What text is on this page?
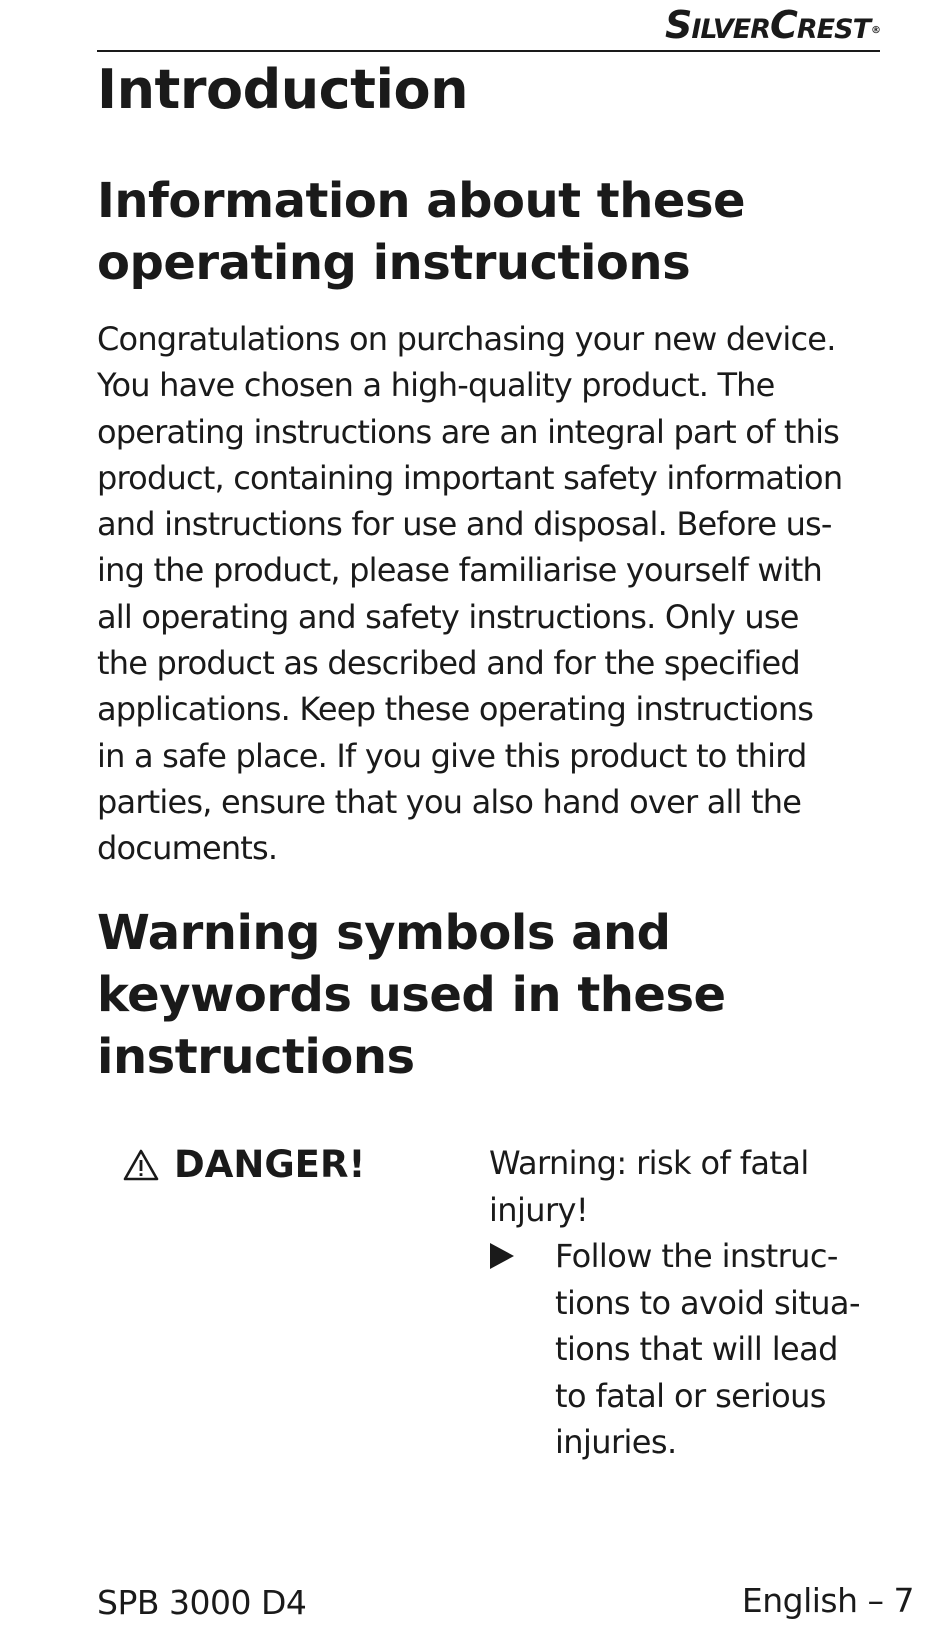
SilverCrest®
Introduction
Information about these
operating instructions

Congratulations on purchasing your new device.
You have chosen a high-quality product. The
operating instructions are an integral part of this
product, containing important safety information
and instructions for use and disposal. Before us-
ing the product, please familiarise yourself with
all operating and safety instructions. Only use
the product as described and for the specified
applications. Keep these operating instructions
in a safe place. If you give this product to third
parties, ensure that you also hand over all the
documents.

Warning symbols and
keywords used in these
instructions
DANGER!	Warning: risk of fatal
injury!

Follow the instruc-
tions to avoid situa-
tions that will lead
to fatal or serious
injuries.

SPB 3000 D4	English – 7
